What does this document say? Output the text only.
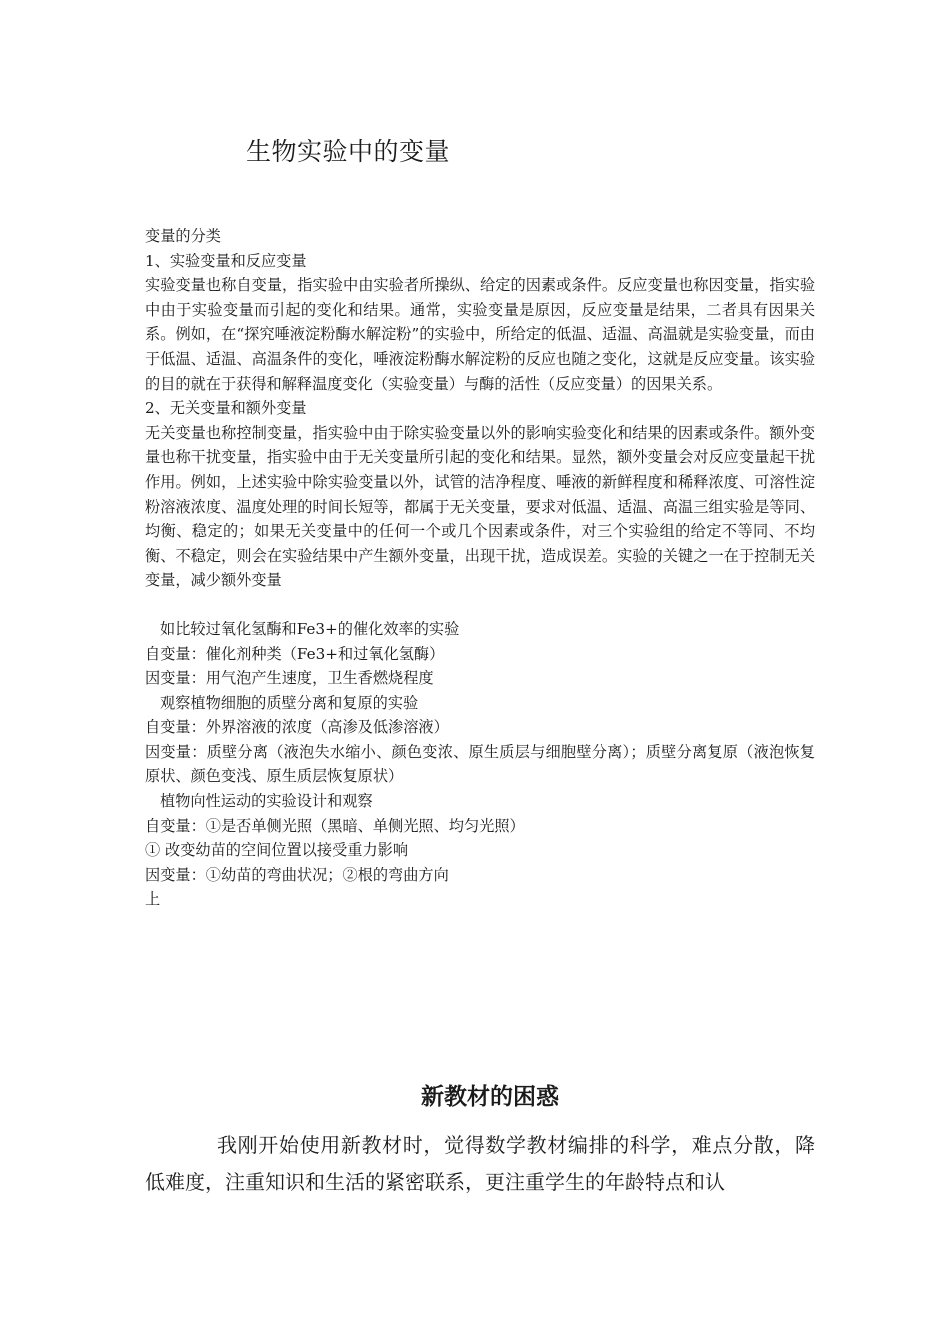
生物实验中的变量

变量的分类

1、实验变量和反应变量

实验变量也称自变量，指实验中由实验者所操纵、给定的因素或条件。反应变量也称因变量，指实验中由于实验变量而引起的变化和结果。通常，实验变量是原因，反应变量是结果，二者具有因果关系。例如，在“探究唾液淀粉酶水解淀粉”的实验中，所给定的低温、适温、高温就是实验变量，而由于低温、适温、高温条件的变化，唾液淀粉酶水解淀粉的反应也随之变化，这就是反应变量。该实验的目的就在于获得和解释温度变化（实验变量）与酶的活性（反应变量）的因果关系。

2、无关变量和额外变量

无关变量也称控制变量，指实验中由于除实验变量以外的影响实验变化和结果的因素或条件。额外变量也称干扰变量，指实验中由于无关变量所引起的变化和结果。显然，额外变量会对反应变量起干扰作用。例如，上述实验中除实验变量以外，试管的洁净程度、唾液的新鲜程度和稀释浓度、可溶性淀粉溶液浓度、温度处理的时间长短等，都属于无关变量，要求对低温、适温、高温三组实验是等同、均衡、稳定的；如果无关变量中的任何一个或几个因素或条件，对三个实验组的给定不等同、不均衡、不稳定，则会在实验结果中产生额外变量，出现干扰，造成误差。实验的关键之一在于控制无关变量，减少额外变量

如比较过氧化氢酶和Fe3+的催化效率的实验

自变量：催化剂种类（Fe3+和过氧化氢酶）

因变量：用气泡产生速度，卫生香燃烧程度

观察植物细胞的质壁分离和复原的实验

自变量：外界溶液的浓度（高渗及低渗溶液）

因变量：质壁分离（液泡失水缩小、颜色变浓、原生质层与细胞壁分离）；质壁分离复原（液泡恢复原状、颜色变浅、原生质层恢复原状）

植物向性运动的实验设计和观察

自变量：①是否单侧光照（黑暗、单侧光照、均匀光照）

① 改变幼苗的空间位置以接受重力影响

因变量：①幼苗的弯曲状况；②根的弯曲方向

上

新教材的困惑

我刚开始使用新教材时，觉得数学教材编排的科学，难点分散，降低难度，注重知识和生活的紧密联系，更注重学生的年龄特点和认
